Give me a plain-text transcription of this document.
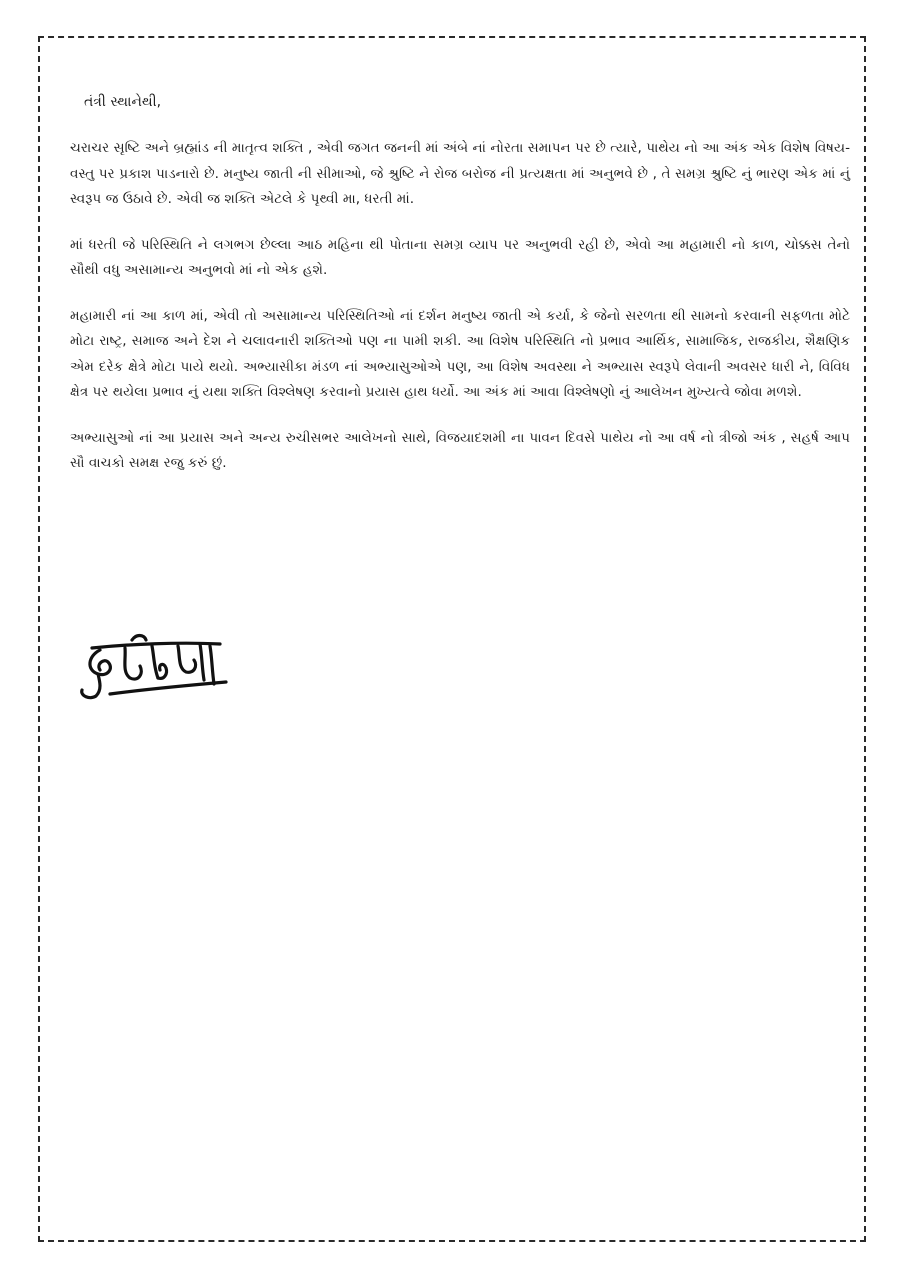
તંત્રી સ્થાનેથી,

ચરાચર સૃષ્ટિ અને બ્રહ્માંડ ની માતૃત્વ શક્તિ , એવી જગત જનની માં અંબે નાં નોરતા સમાપન પર છે ત્યારે, પાથેય નો આ અંક એક વિશેષ વિષય-વસ્તુ પર પ્રકાશ પાડનારો છે. મનુષ્ય જાતી ની સીમાઓ, જે શ્રુષ્ટિ ને રોજ બરોજ ની પ્રત્યક્ષતા માં અનુભવે છે , તે સમગ્ર શ્રુષ્ટિ નું ભારણ એક માં નું સ્વરૂપ જ ઉઠાવે છે. એવી જ શક્તિ એટલે કે પૃથ્વી મા, ધરતી માં.

માં ધરતી જે પરિસ્થિતિ ને લગભગ છેલ્લા આઠ મહિના થી પોતાના સમગ્ર વ્યાપ પર અનુભવી રહી છે, એવો આ મહામારી નો કાળ, ચોક્કસ તેનો સૌથી વધુ અસામાન્ય અનુભવો માં નો એક હશે.

મહામારી નાં આ કાળ માં, એવી તો અસામાન્ય પરિસ્થિતિઓ નાં દર્શન મનુષ્ય જાતી એ કર્યા, કે જેનો સરળતા થી સામનો કરવાની સફળતા મોટે મોટા રાષ્ટ્ર, સમાજ અને દેશ ને ચલાવનારી શક્તિઓ પણ ના પામી શકી. આ વિશેષ પરિસ્થિતિ નો પ્રભાવ આર્થિક, સામાજિક, રાજકીય, શૈક્ષણિક એમ દરેક ક્ષેત્રે મોટા પાયે થયો. અભ્યાસીકા મંડળ નાં અભ્યાસુઓએ પણ, આ વિશેષ અવસ્થા ને અભ્યાસ સ્વરૂપે લેવાની અવસર ધારી ને, વિવિધ ક્ષેત્ર પર થયેલા પ્રભાવ નું યથા શક્તિ વિશ્લેષણ કરવાનો પ્રયાસ હાથ ધર્યો. આ અંક માં આવા વિશ્લેષણો નું આલેખન મુખ્યત્વે જોવા મળશે.

અભ્યાસુઓ નાં આ પ્રયાસ અને અન્ય રુચીસભર આલેખનો સાથે, વિજયાદશમી ના પાવન દિવસે પાથેય નો આ વર્ષ નો ત્રીજો અંક , સહર્ષ આપ સૌ વાચકો સમક્ષ રજુ કરું છું.
